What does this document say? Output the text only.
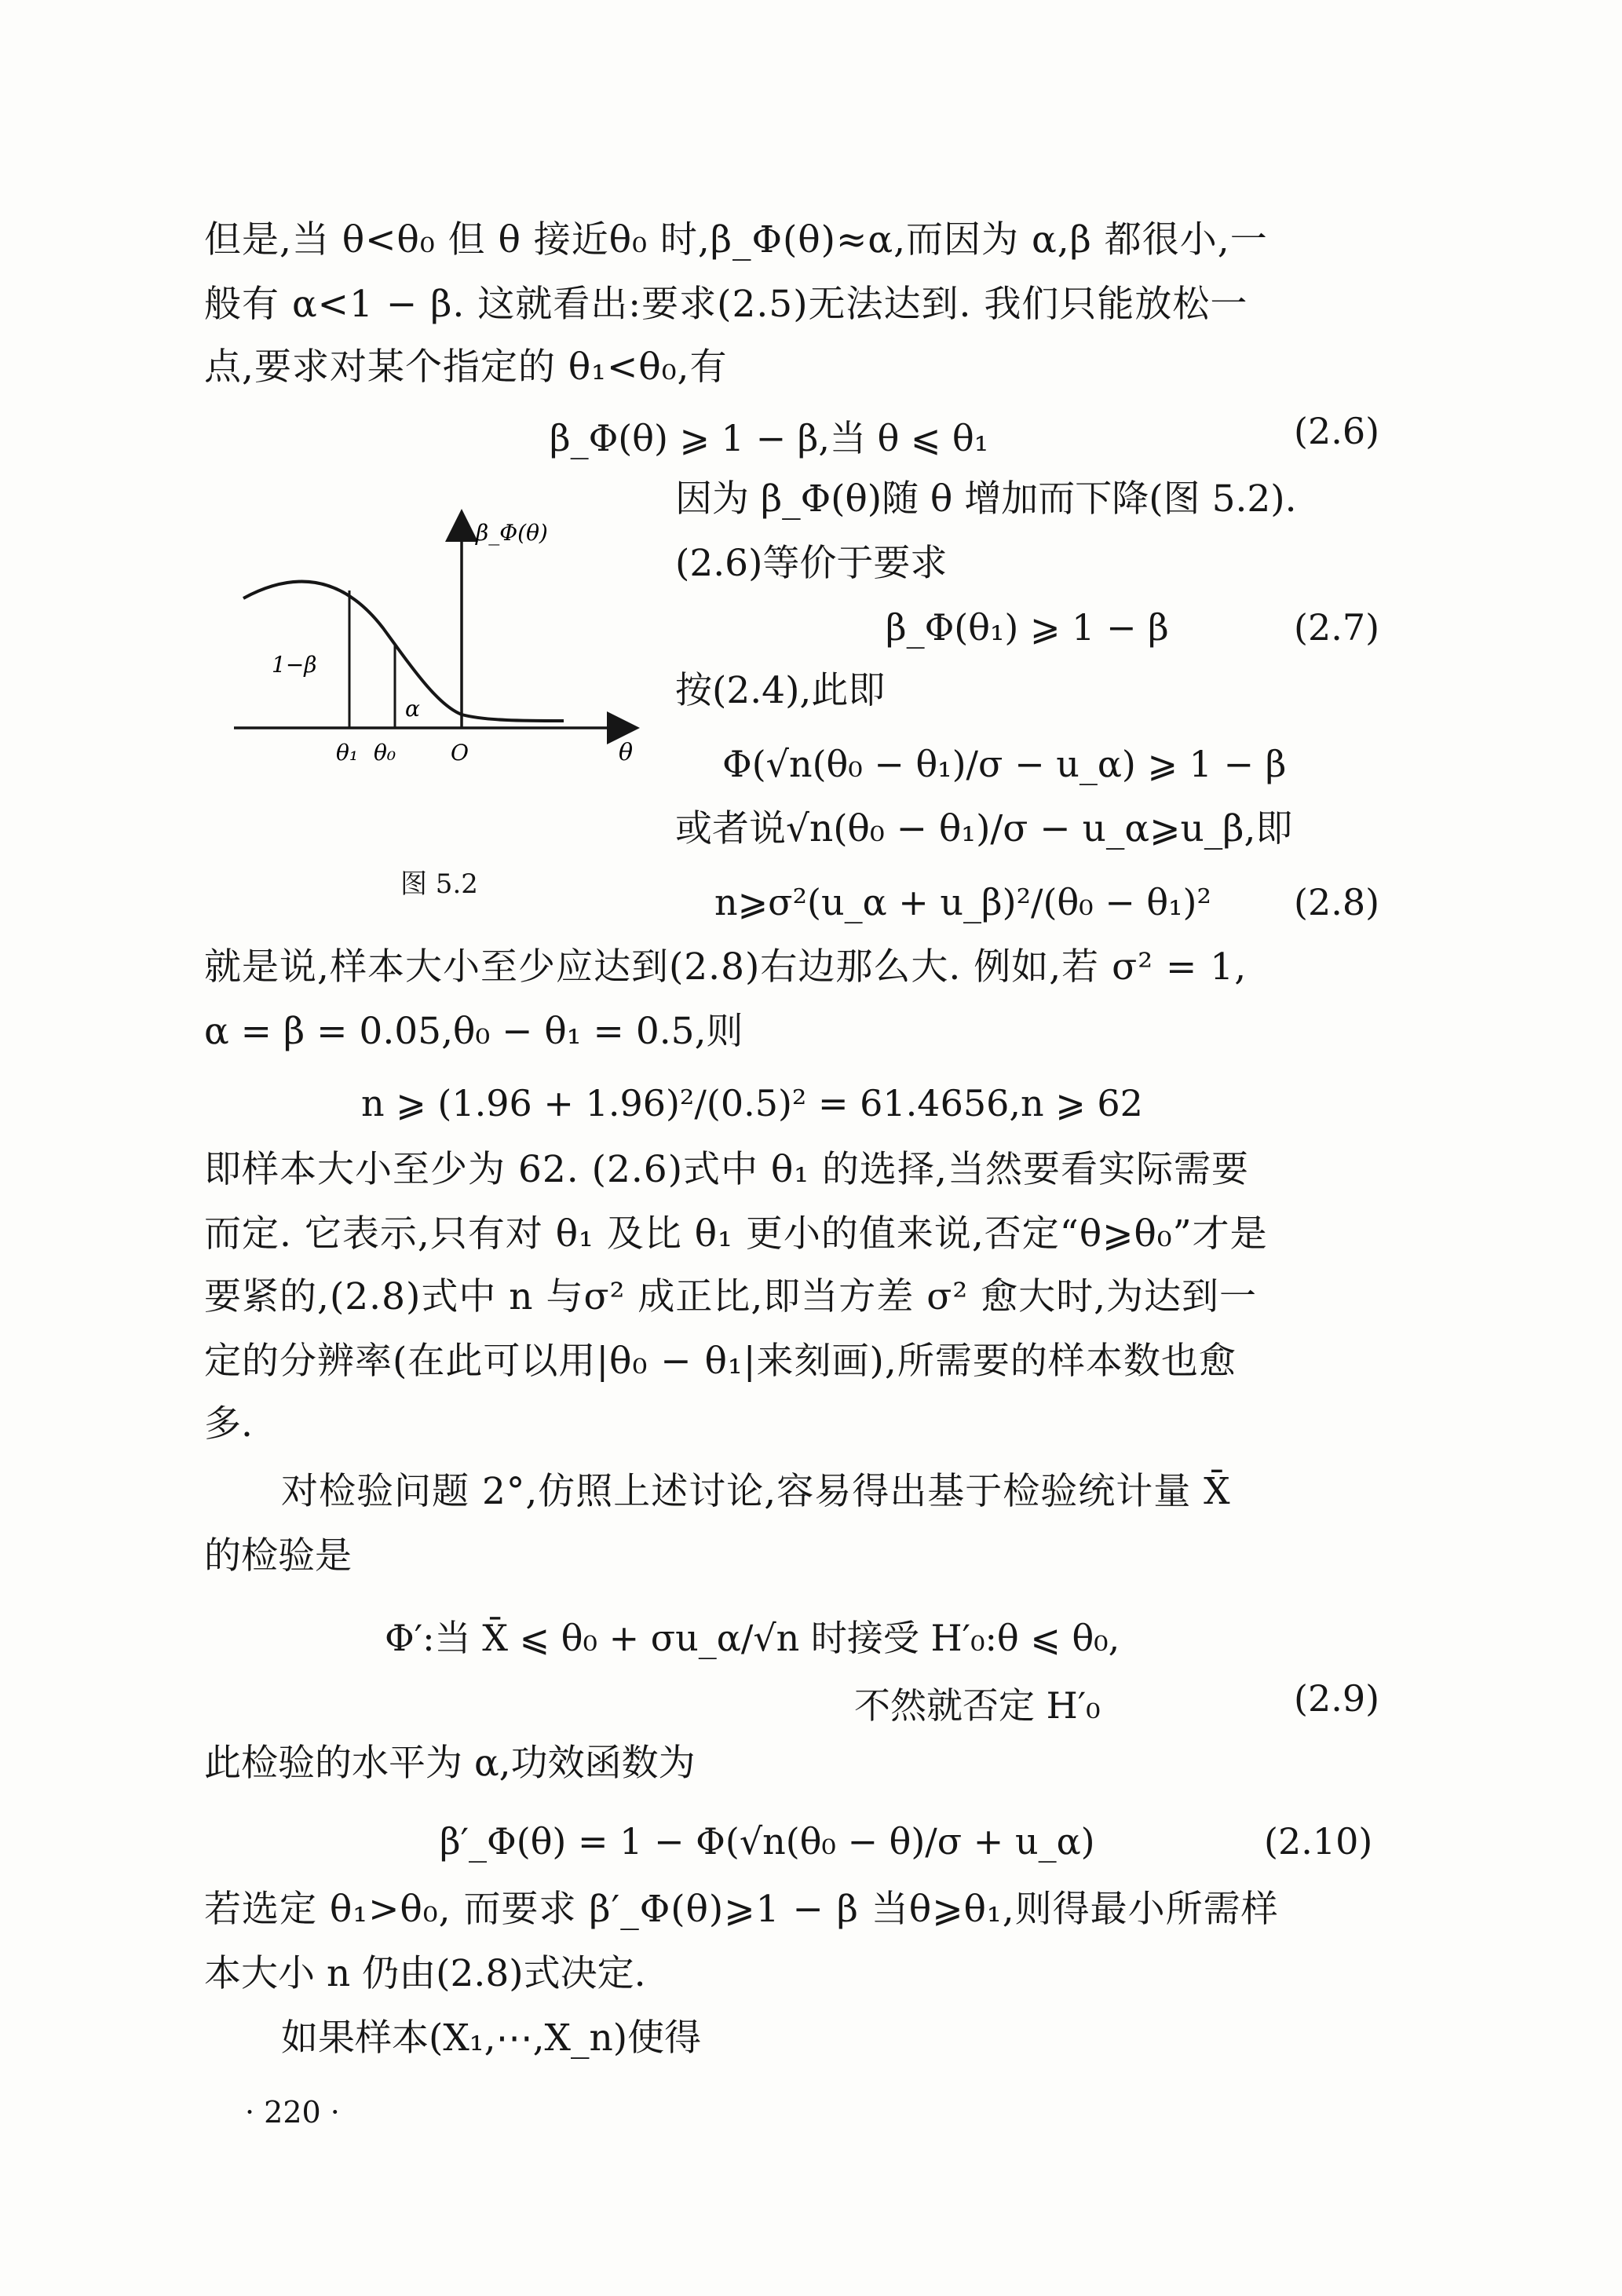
但是,当 θ<θ₀ 但 θ 接近θ₀ 时,β_Φ(θ)≈α,而因为 α,β 都很小,一
般有 α<1 − β. 这就看出:要求(2.5)无法达到. 我们只能放松一
点,要求对某个指定的 θ₁<θ₀,有
β_Φ(θ) ⩾ 1 − β,当 θ ⩽ θ₁	(2.6)
因为 β_Φ(θ)随 θ 增加而下降(图 5.2).
(2.6)等价于要求
β_Φ(θ₁) ⩾ 1 − β	(2.7)
按(2.4),此即
Φ(√n(θ₀ − θ₁)/σ − u_α) ⩾ 1 − β
或者说√n(θ₀ − θ₁)/σ − u_α⩾u_β,即
n⩾σ²(u_α + u_β)²/(θ₀ − θ₁)² (2.8)
β_Φ(θ)
1−β
α
θ₁ θ₀ O	θ
图 5.2
就是说,样本大小至少应达到(2.8)右边那么大. 例如,若 σ² = 1,
α = β = 0.05,θ₀ − θ₁ = 0.5,则
n ⩾ (1.96 + 1.96)²/(0.5)² = 61.4656,n ⩾ 62
即样本大小至少为 62. (2.6)式中 θ₁ 的选择,当然要看实际需要
而定. 它表示,只有对 θ₁ 及比 θ₁ 更小的值来说,否定“θ⩾θ₀”才是
要紧的,(2.8)式中 n 与σ² 成正比,即当方差 σ² 愈大时,为达到一
定的分辨率(在此可以用|θ₀ − θ₁|来刻画),所需要的样本数也愈
多.
对检验问题 2°,仿照上述讨论,容易得出基于检验统计量 X̄
的检验是
Φ′:当 X̄ ⩽ θ₀ + σu_α/√n 时接受 H′₀:θ ⩽ θ₀,
不然就否定 H′₀	(2.9)
此检验的水平为 α,功效函数为
β′_Φ(θ) = 1 − Φ(√n(θ₀ − θ)/σ + u_α)	(2.10)
若选定 θ₁>θ₀, 而要求 β′_Φ(θ)⩾1 − β 当θ⩾θ₁,则得最小所需样
本大小 n 仍由(2.8)式决定.
如果样本(X₁,⋯,X_n)使得
· 220 ·
